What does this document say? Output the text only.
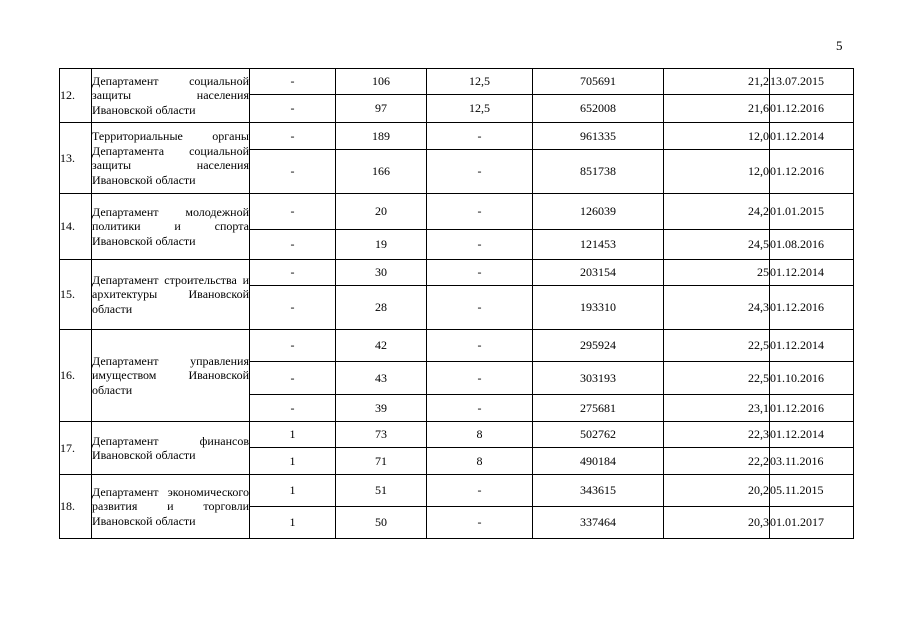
5
12.	Департамент социальной защиты населения Ивановской области	-	106	12,5	705691	21,2	13.07.2015
		-	97	12,5	652008	21,6	01.12.2016
13.	Территориальные органы Департамента социальной защиты населения Ивановской области	-	189	-	961335	12,0	01.12.2014
		-	166	-	851738	12,0	01.12.2016
14.	Департамент молодежной политики и спорта Ивановской области	-	20	-	126039	24,2	01.01.2015
		-	19	-	121453	24,5	01.08.2016
15.	Департамент строительства и архитектуры Ивановской области	-	30	-	203154	25	01.12.2014
		-	28	-	193310	24,3	01.12.2016
16.	Департамент управления имуществом Ивановской области	-	42	-	295924	22,5	01.12.2014
		-	43	-	303193	22,5	01.10.2016
		-	39	-	275681	23,1	01.12.2016
17.	Департамент финансов Ивановской области	1	73	8	502762	22,3	01.12.2014
		1	71	8	490184	22,2	03.11.2016
18.	Департамент экономического развития и торговли Ивановской области	1	51	-	343615	20,2	05.11.2015
		1	50	-	337464	20,3	01.01.2017
